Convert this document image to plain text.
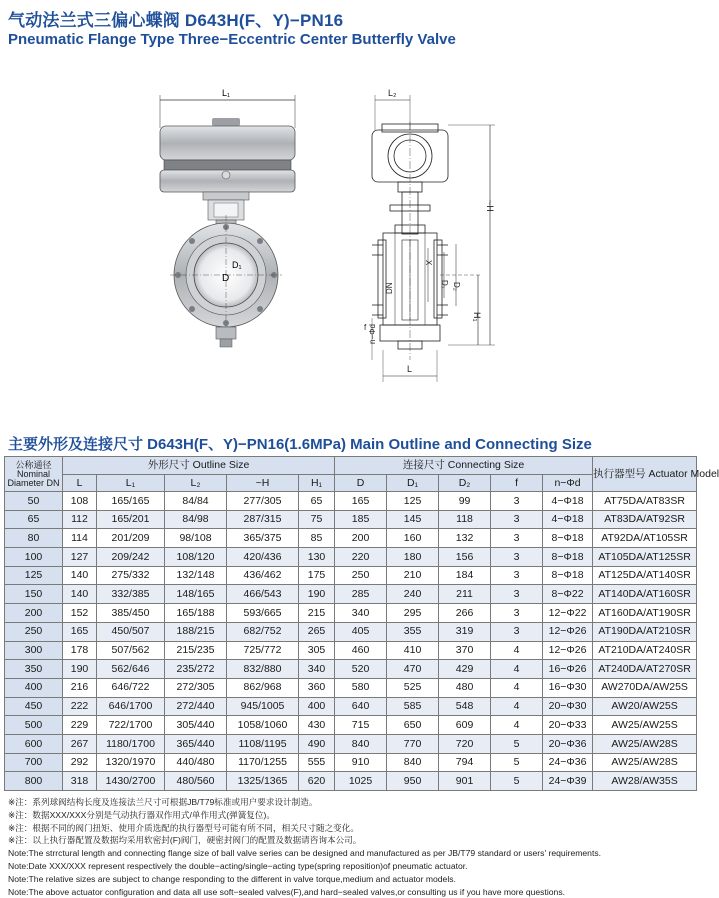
气动法兰式三偏心蝶阀 D643H(F、Y)−PN16
Pneumatic Flange Type Three−Eccentric Center Butterfly Valve
L₁
D
D₁
L₂
~H
H₁
X
D₁ D₂
DN
n−Φd
f
L
主要外形及连接尺寸 D643H(F、Y)−PN16(1.6MPa) Main Outline and Connecting Size
公称通径 Nominal Diameter DN	外形尺寸 Outline Size					连接尺寸 Connecting Size					执行器型号 Actuator Model
	L	L₁	L₂	~H	H₁	D	D₁	D₂	f	n−Φd	
50	108	165/165	84/84	277/305	65	165	125	99	3	4−Φ18	AT75DA/AT83SR
65	112	165/201	84/98	287/315	75	185	145	118	3	4−Φ18	AT83DA/AT92SR
80	114	201/209	98/108	365/375	85	200	160	132	3	8−Φ18	AT92DA/AT105SR
100	127	209/242	108/120	420/436	130	220	180	156	3	8−Φ18	AT105DA/AT125SR
125	140	275/332	132/148	436/462	175	250	210	184	3	8−Φ18	AT125DA/AT140SR
150	140	332/385	148/165	466/543	190	285	240	211	3	8−Φ22	AT140DA/AT160SR
200	152	385/450	165/188	593/665	215	340	295	266	3	12−Φ22	AT160DA/AT190SR
250	165	450/507	188/215	682/752	265	405	355	319	3	12−Φ26	AT190DA/AT210SR
300	178	507/562	215/235	725/772	305	460	410	370	4	12−Φ26	AT210DA/AT240SR
350	190	562/646	235/272	832/880	340	520	470	429	4	16−Φ26	AT240DA/AT270SR
400	216	646/722	272/305	862/968	360	580	525	480	4	16−Φ30	AW270DA/AW25S
450	222	646/1700	272/440	945/1005	400	640	585	548	4	20−Φ30	AW20/AW25S
500	229	722/1700	305/440	1058/1060	430	715	650	609	4	20−Φ33	AW25/AW25S
600	267	1180/1700	365/440	1108/1195	490	840	770	720	5	20−Φ36	AW25/AW28S
700	292	1320/1970	440/480	1170/1255	555	910	840	794	5	24−Φ36	AW25/AW28S
800	318	1430/2700	480/560	1325/1365	620	1025	950	901	5	24−Φ39	AW28/AW35S
※注：系列球阀结构长度及连接法兰尺寸可根据JB/T79标准或用户要求设计制造。
※注：数据XXX/XXX分别是气动执行器双作用式/单作用式(弹簧复位)。
※注：根据不同的阀门扭矩、使用介质选配的执行器型号可能有所不同，相关尺寸随之变化。
※注：以上执行器配置及数据均采用软密封(F)阀门，硬密封阀门的配置及数据请咨询本公司。
Note:The strrctural length and connecting flange size of ball valve series can be designed and manufactured as per JB/T79 standard or users' requirements.
Note:Date XXX/XXX represent respectively the double−acting/single−acting type(spring reposition)of pneumatic actuator.
Note:The relative sizes are subject to change responding to the different in valve torque,medium and actuator models.
Note:The above actuator configuration and data all use soft−sealed valves(F),and hard−sealed valves,or consulting us if you have more questions.
